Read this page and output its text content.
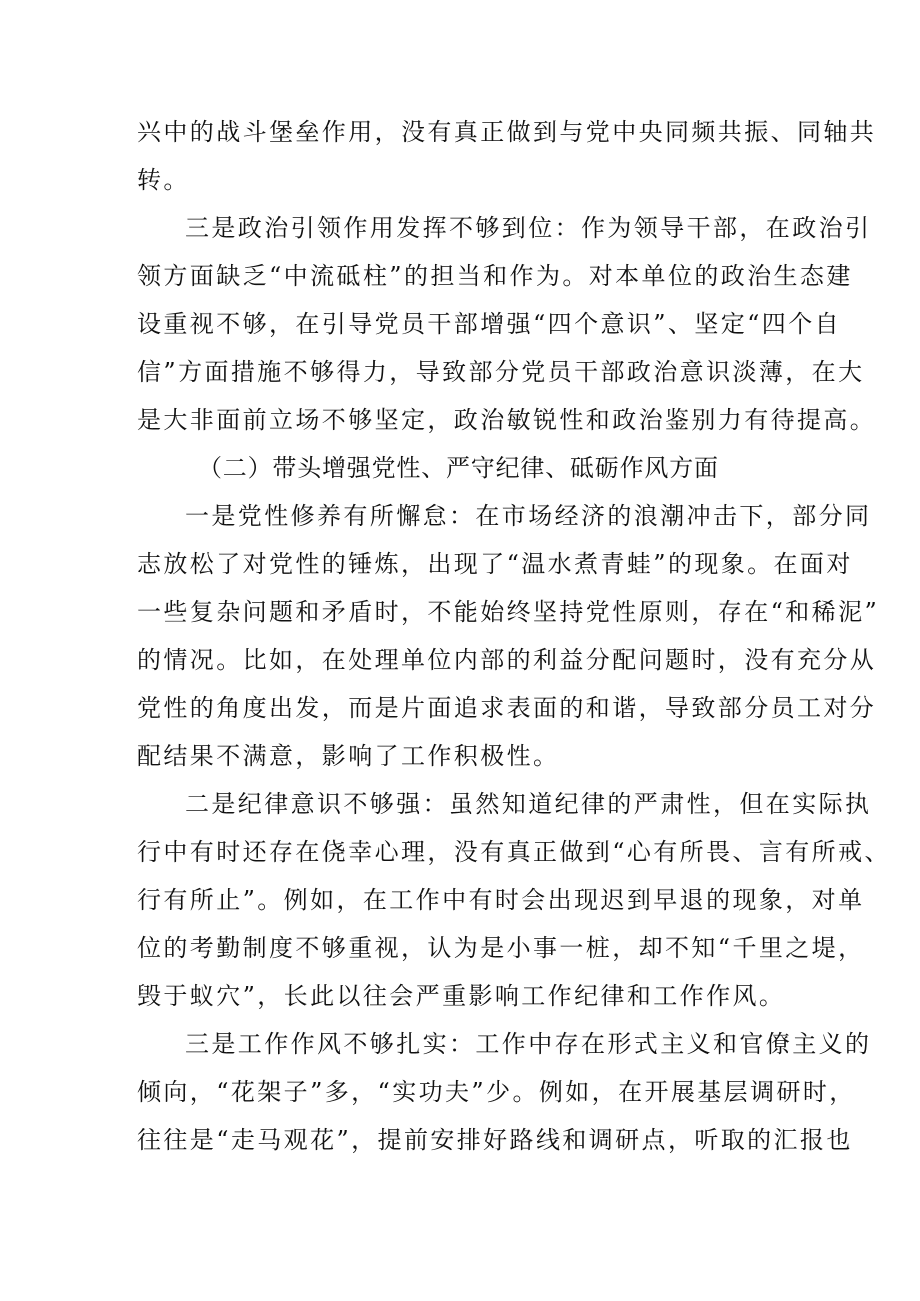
兴中的战斗堡垒作用，没有真正做到与党中央同频共振、同轴共
转。
三是政治引领作用发挥不够到位：作为领导干部，在政治引
领方面缺乏“中流砥柱”的担当和作为。对本单位的政治生态建
设重视不够，在引导党员干部增强“四个意识”、坚定“四个自
信”方面措施不够得力，导致部分党员干部政治意识淡薄，在大
是大非面前立场不够坚定，政治敏锐性和政治鉴别力有待提高。
（二）带头增强党性、严守纪律、砥砺作风方面
一是党性修养有所懈怠：在市场经济的浪潮冲击下，部分同
志放松了对党性的锤炼，出现了“温水煮青蛙”的现象。在面对
一些复杂问题和矛盾时，不能始终坚持党性原则，存在“和稀泥”
的情况。比如，在处理单位内部的利益分配问题时，没有充分从
党性的角度出发，而是片面追求表面的和谐，导致部分员工对分
配结果不满意，影响了工作积极性。
二是纪律意识不够强：虽然知道纪律的严肃性，但在实际执
行中有时还存在侥幸心理，没有真正做到“心有所畏、言有所戒、
行有所止”。例如，在工作中有时会出现迟到早退的现象，对单
位的考勤制度不够重视，认为是小事一桩，却不知“千里之堤，
毁于蚁穴”，长此以往会严重影响工作纪律和工作作风。
三是工作作风不够扎实：工作中存在形式主义和官僚主义的
倾向，“花架子”多，“实功夫”少。例如，在开展基层调研时，
往往是“走马观花”，提前安排好路线和调研点，听取的汇报也
